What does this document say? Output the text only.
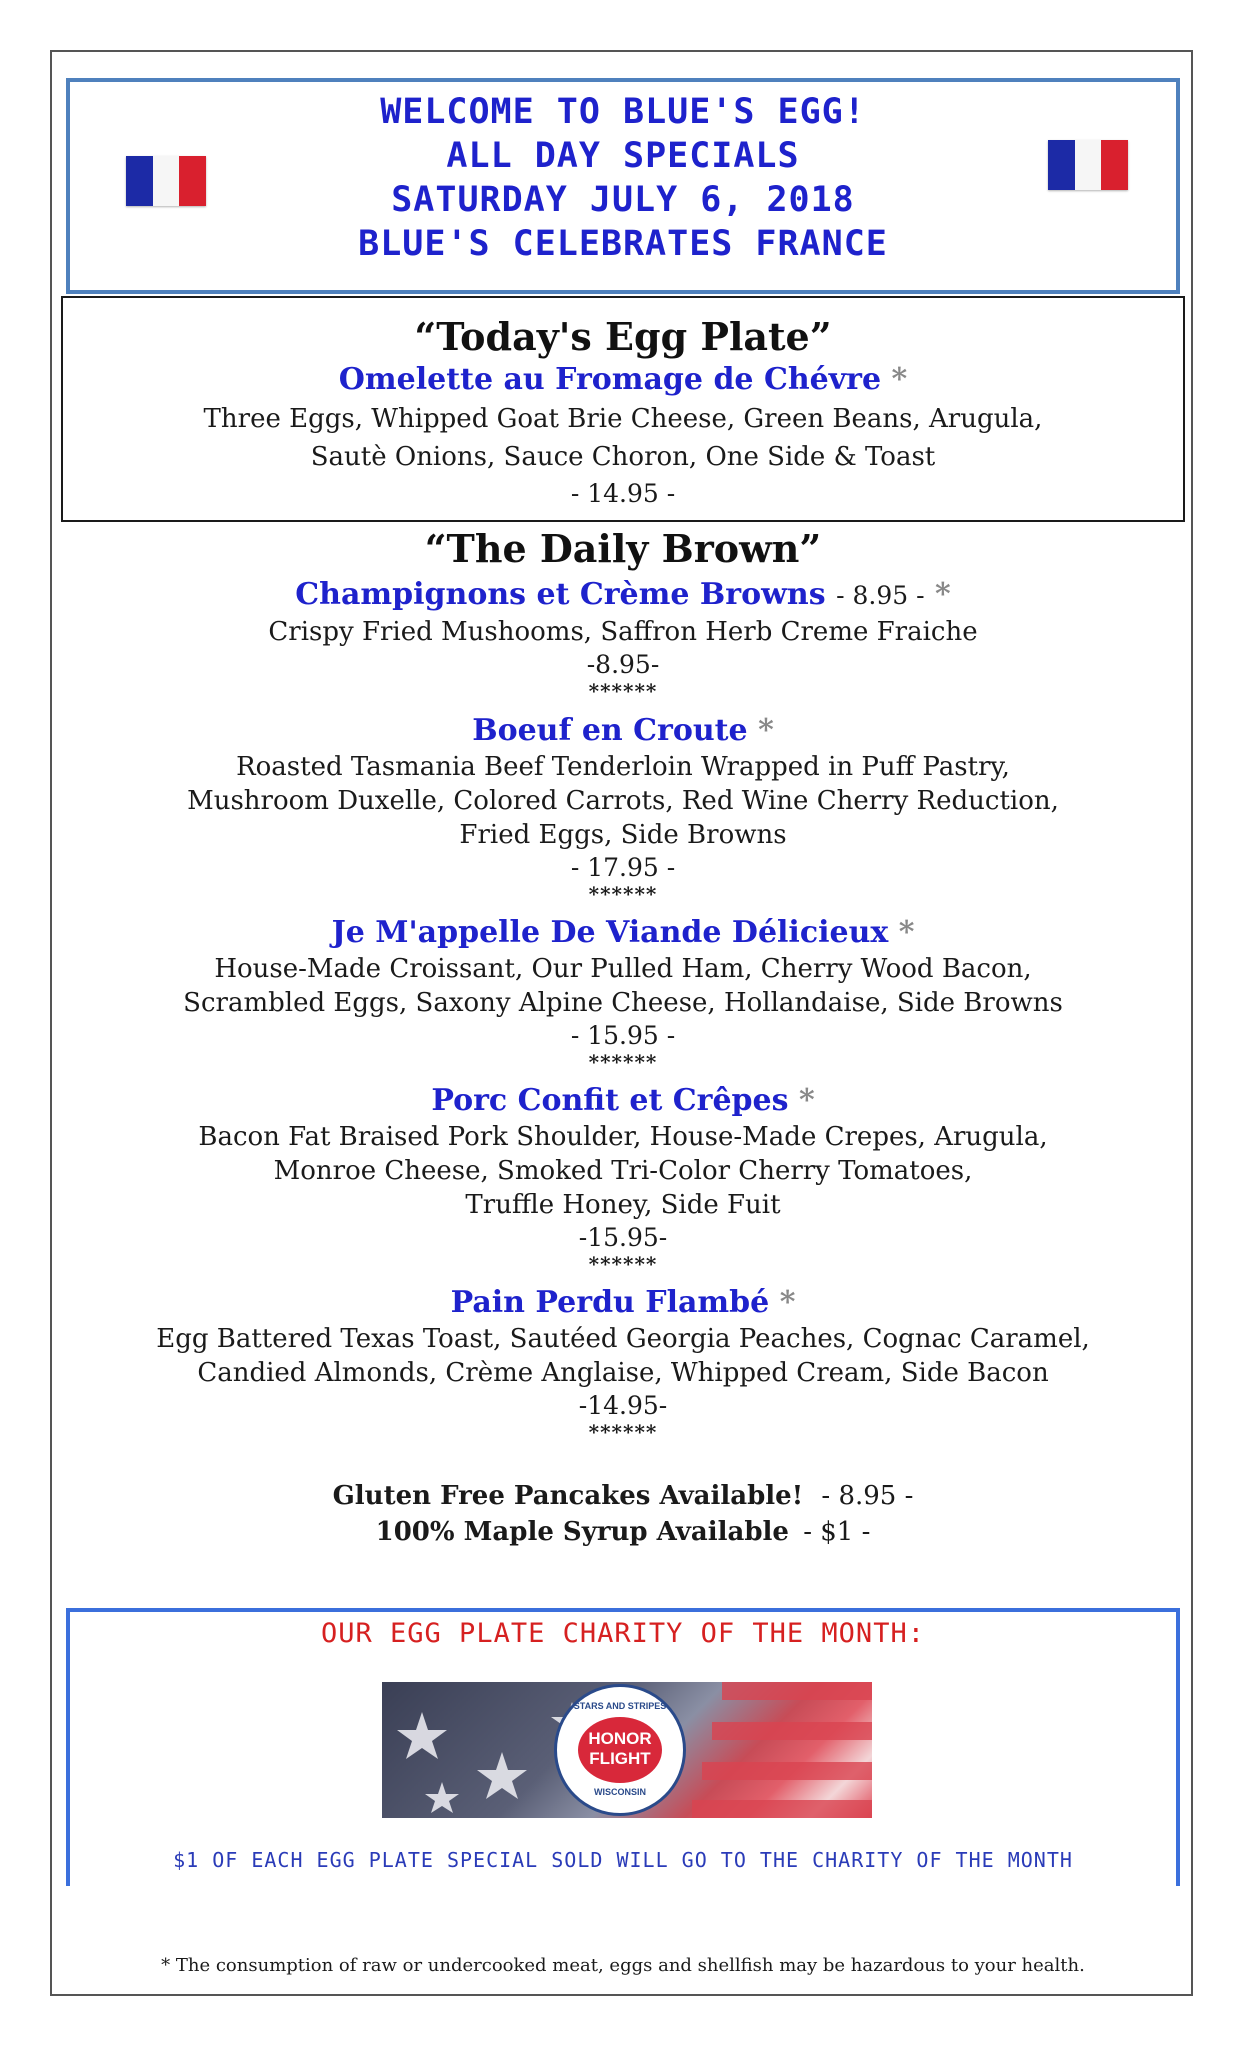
WELCOME TO BLUE'S EGG!
ALL DAY SPECIALS
SATURDAY JULY 6, 2018
BLUE'S CELEBRATES FRANCE
“Today's Egg Plate”
Omelette au Fromage de Chévre *
Three Eggs, Whipped Goat Brie Cheese, Green Beans, Arugula,
Sautè Onions, Sauce Choron, One Side & Toast
- 14.95 -
“The Daily Brown”
Champignons et Crème Browns - 8.95 - *
Crispy Fried Mushooms, Saffron Herb Creme Fraiche
-8.95-
******
Boeuf en Croute *
Roasted Tasmania Beef Tenderloin Wrapped in Puff Pastry,
Mushroom Duxelle, Colored Carrots, Red Wine Cherry Reduction,
Fried Eggs, Side Browns
- 17.95 -
******
Je M'appelle De Viande Délicieux *
House-Made Croissant, Our Pulled Ham, Cherry Wood Bacon,
Scrambled Eggs, Saxony Alpine Cheese, Hollandaise, Side Browns
- 15.95 -
******
Porc Confit et Crêpes *
Bacon Fat Braised Pork Shoulder, House-Made Crepes, Arugula,
Monroe Cheese, Smoked Tri-Color Cherry Tomatoes,
Truffle Honey, Side Fuit
-15.95-
******
Pain Perdu Flambé *
Egg Battered Texas Toast, Sautéed Georgia Peaches, Cognac Caramel,
Candied Almonds, Crème Anglaise, Whipped Cream, Side Bacon
-14.95-
******
Gluten Free Pancakes Available! - 8.95 -
100% Maple Syrup Available - $1 -
OUR EGG PLATE CHARITY OF THE MONTH:
STARS AND STRIPES
HONOR
FLIGHT
WISCONSIN
$1 OF EACH EGG PLATE SPECIAL SOLD WILL GO TO THE CHARITY OF THE MONTH
* The consumption of raw or undercooked meat, eggs and shellfish may be hazardous to your health.
